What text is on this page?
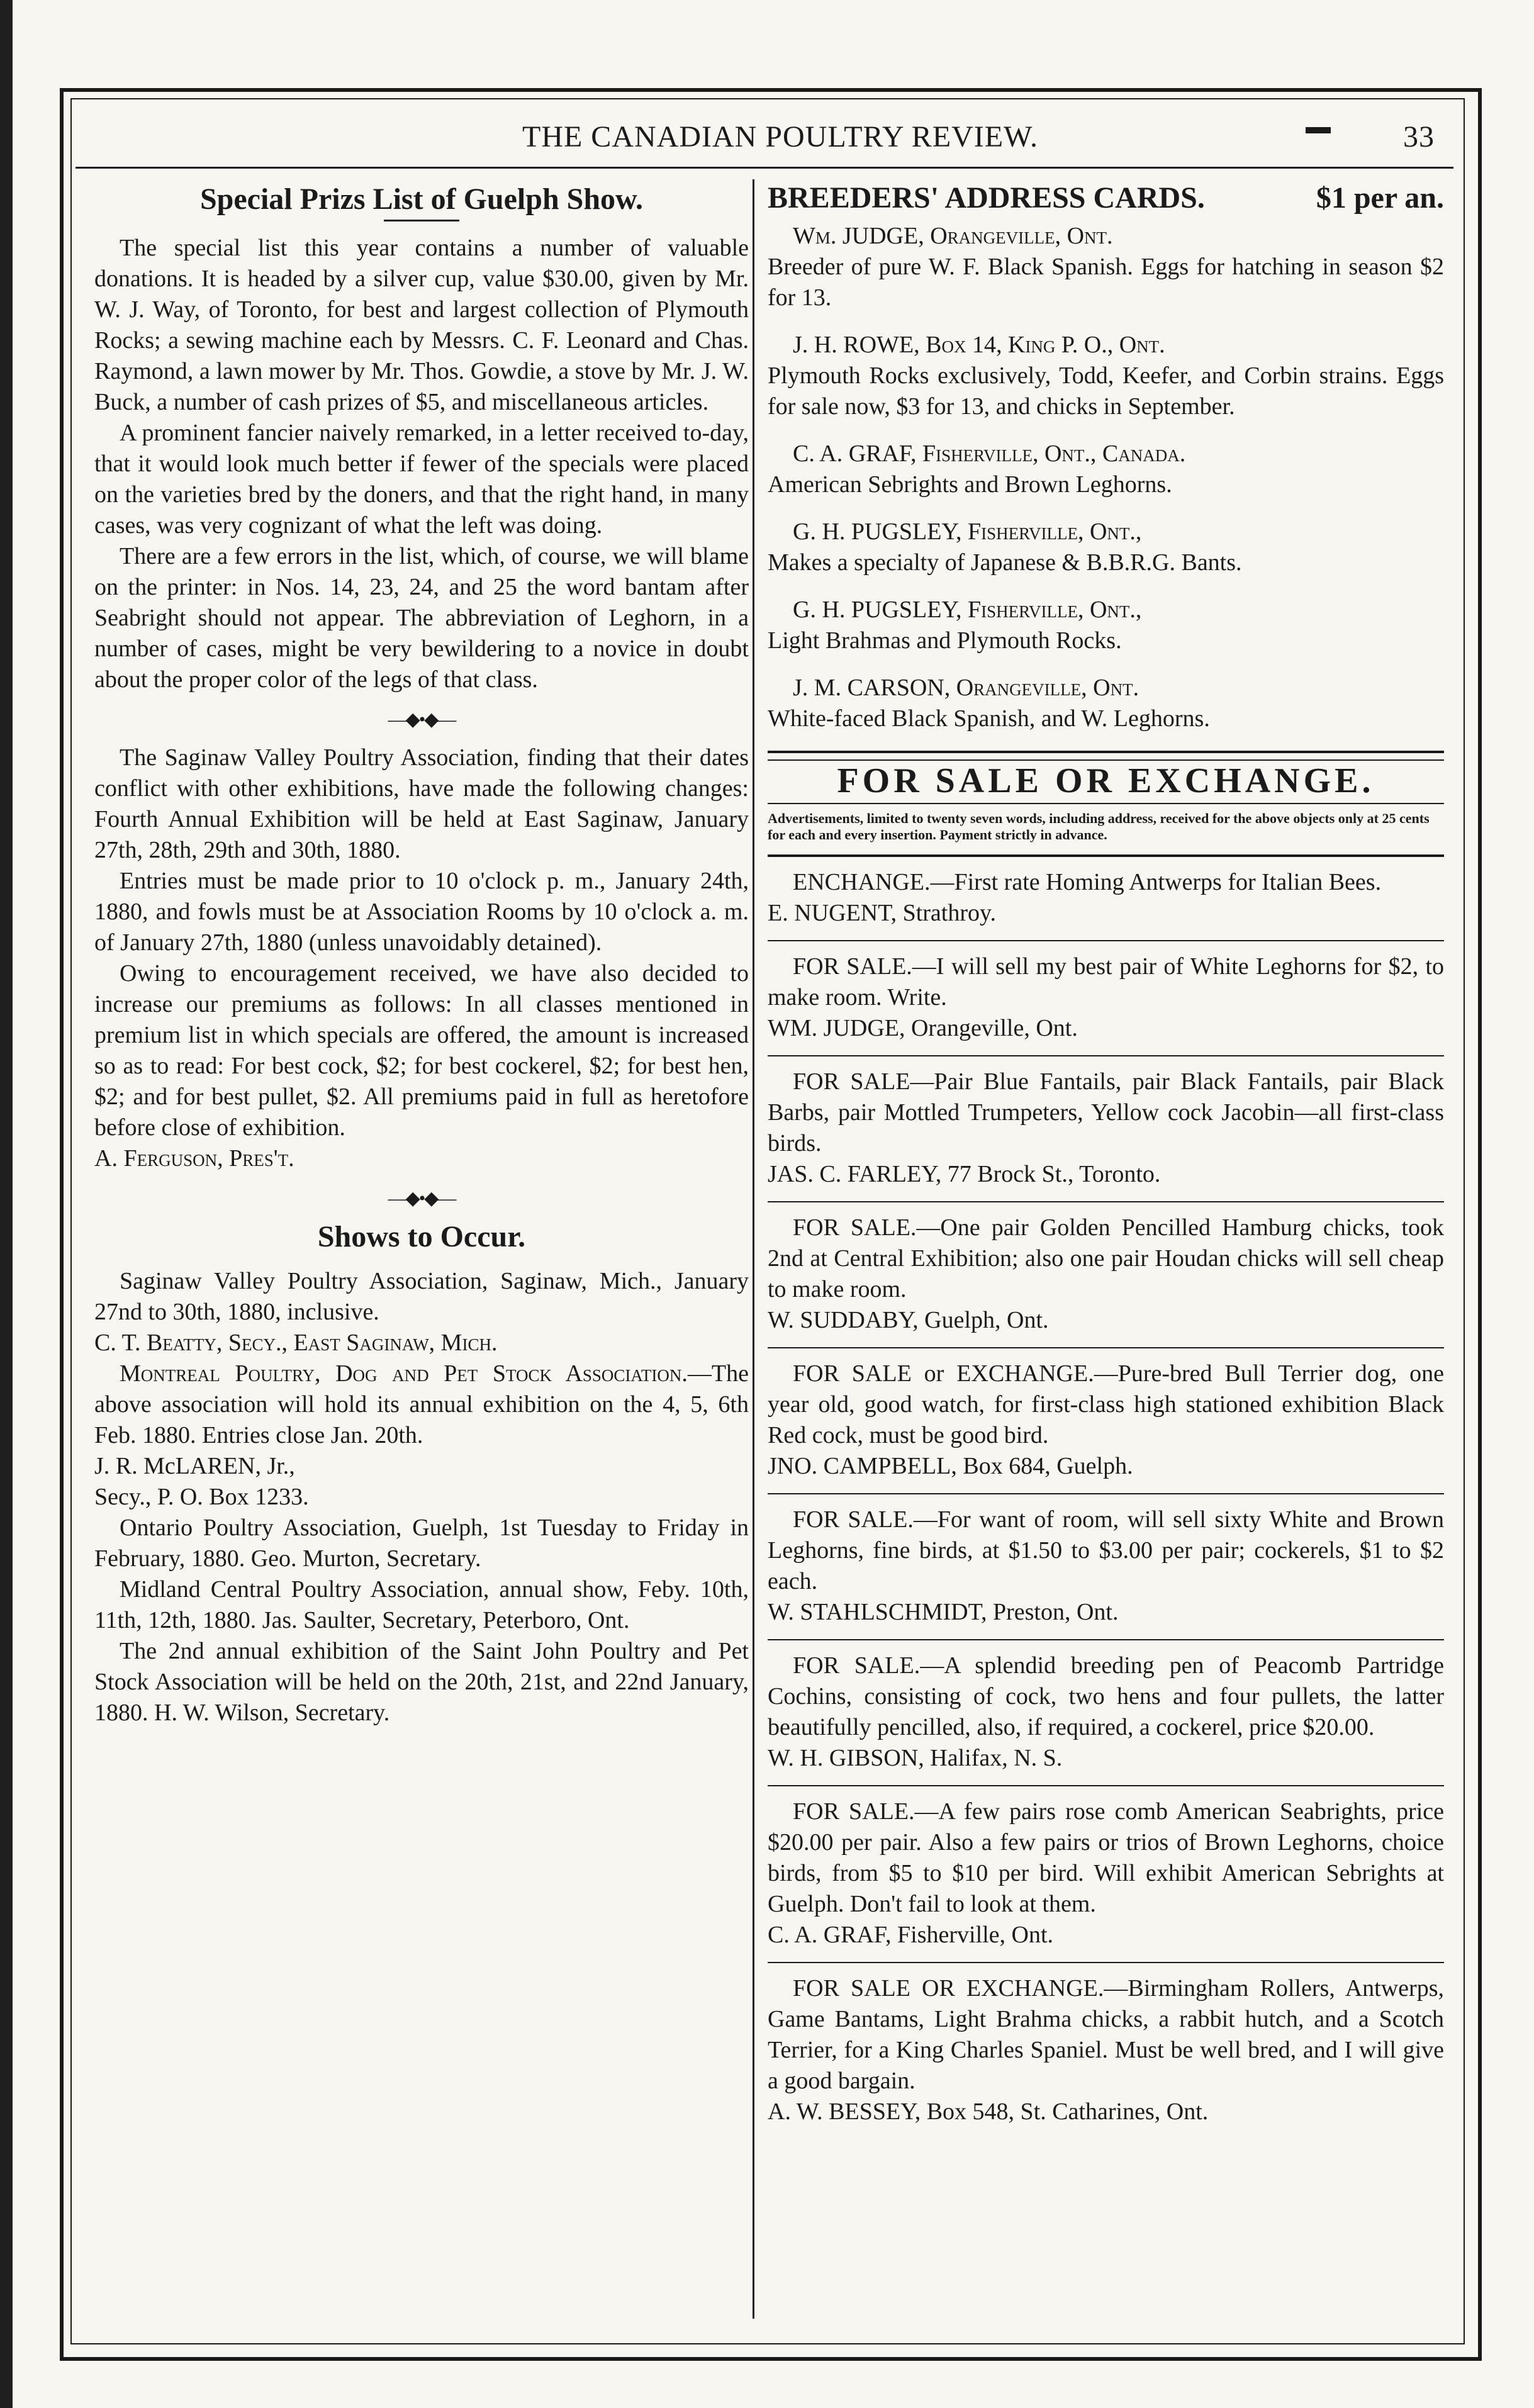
THE CANADIAN POULTRY REVIEW.	33
Special Prizs List of Guelph Show.

The special list this year contains a number of valuable donations. It is headed by a silver cup, value $30.00, given by Mr. W. J. Way, of Toronto, for best and largest collection of Plymouth Rocks; a sewing machine each by Messrs. C. F. Leonard and Chas. Raymond, a lawn mower by Mr. Thos. Gowdie, a stove by Mr. J. W. Buck, a number of cash prizes of $5, and miscellaneous articles.

A prominent fancier naively remarked, in a letter received to-day, that it would look much better if fewer of the specials were placed on the varieties bred by the doners, and that the right hand, in many cases, was very cognizant of what the left was doing.

There are a few errors in the list, which, of course, we will blame on the printer: in Nos. 14, 23, 24, and 25 the word bantam after Seabright should not appear. The abbreviation of Leghorn, in a number of cases, might be very bewildering to a novice in doubt about the proper color of the legs of that class.

—◆•◆—

The Saginaw Valley Poultry Association, finding that their dates conflict with other exhibitions, have made the following changes: Fourth Annual Exhibition will be held at East Saginaw, January 27th, 28th, 29th and 30th, 1880.

Entries must be made prior to 10 o'clock p. m., January 24th, 1880, and fowls must be at Association Rooms by 10 o'clock a. m. of January 27th, 1880 (unless unavoidably detained).

Owing to encouragement received, we have also decided to increase our premiums as follows: In all classes mentioned in premium list in which specials are offered, the amount is increased so as to read: For best cock, $2; for best cockerel, $2; for best hen, $2; and for best pullet, $2. All premiums paid in full as heretofore before close of exhibition.

A. Ferguson, Pres't.

—◆•◆—
Shows to Occur.

Saginaw Valley Poultry Association, Saginaw, Mich., January 27nd to 30th, 1880, inclusive.

C. T. Beatty, Secy., East Saginaw, Mich.

Montreal Poultry, Dog and Pet Stock Association.—The above association will hold its annual exhibition on the 4, 5, 6th Feb. 1880. Entries close Jan. 20th.

J. R. McLAREN, Jr.,

Secy., P. O. Box 1233.

Ontario Poultry Association, Guelph, 1st Tuesday to Friday in February, 1880. Geo. Murton, Secretary.

Midland Central Poultry Association, annual show, Feby. 10th, 11th, 12th, 1880. Jas. Saulter, Secretary, Peterboro, Ont.

The 2nd annual exhibition of the Saint John Poultry and Pet Stock Association will be held on the 20th, 21st, and 22nd January, 1880. H. W. Wilson, Secretary.

BREEDERS' ADDRESS CARDS.	$1 per an.

Wm. JUDGE, Orangeville, Ont.

Breeder of pure W. F. Black Spanish. Eggs for hatching in season $2 for 13.

J. H. ROWE, Box 14, King P. O., Ont.

Plymouth Rocks exclusively, Todd, Keefer, and Corbin strains. Eggs for sale now, $3 for 13, and chicks in September.

C. A. GRAF, Fisherville, Ont., Canada.

American Sebrights and Brown Leghorns.

G. H. PUGSLEY, Fisherville, Ont.,

Makes a specialty of Japanese & B.B.R.G. Bants.

G. H. PUGSLEY, Fisherville, Ont.,

Light Brahmas and Plymouth Rocks.

J. M. CARSON, Orangeville, Ont.

White-faced Black Spanish, and W. Leghorns.

FOR SALE OR EXCHANGE.
Advertisements, limited to twenty seven words, including address, received for the above objects only at 25 cents for each and every insertion. Payment strictly in advance.

ENCHANGE.—First rate Homing Antwerps for Italian Bees.

E. NUGENT, Strathroy.

FOR SALE.—I will sell my best pair of White Leghorns for $2, to make room. Write.

WM. JUDGE, Orangeville, Ont.

FOR SALE—Pair Blue Fantails, pair Black Fantails, pair Black Barbs, pair Mottled Trumpeters, Yellow cock Jacobin—all first-class birds.

JAS. C. FARLEY, 77 Brock St., Toronto.

FOR SALE.—One pair Golden Pencilled Hamburg chicks, took 2nd at Central Exhibition; also one pair Houdan chicks will sell cheap to make room.

W. SUDDABY, Guelph, Ont.

FOR SALE or EXCHANGE.—Pure-bred Bull Terrier dog, one year old, good watch, for first-class high stationed exhibition Black Red cock, must be good bird.

JNO. CAMPBELL, Box 684, Guelph.

FOR SALE.—For want of room, will sell sixty White and Brown Leghorns, fine birds, at $1.50 to $3.00 per pair; cockerels, $1 to $2 each.

W. STAHLSCHMIDT, Preston, Ont.

FOR SALE.—A splendid breeding pen of Peacomb Partridge Cochins, consisting of cock, two hens and four pullets, the latter beautifully pencilled, also, if required, a cockerel, price $20.00.

W. H. GIBSON, Halifax, N. S.

FOR SALE.—A few pairs rose comb American Seabrights, price $20.00 per pair. Also a few pairs or trios of Brown Leghorns, choice birds, from $5 to $10 per bird. Will exhibit American Sebrights at Guelph. Don't fail to look at them.

C. A. GRAF, Fisherville, Ont.

FOR SALE OR EXCHANGE.—Birmingham Rollers, Antwerps, Game Bantams, Light Brahma chicks, a rabbit hutch, and a Scotch Terrier, for a King Charles Spaniel. Must be well bred, and I will give a good bargain.

A. W. BESSEY, Box 548, St. Catharines, Ont.
